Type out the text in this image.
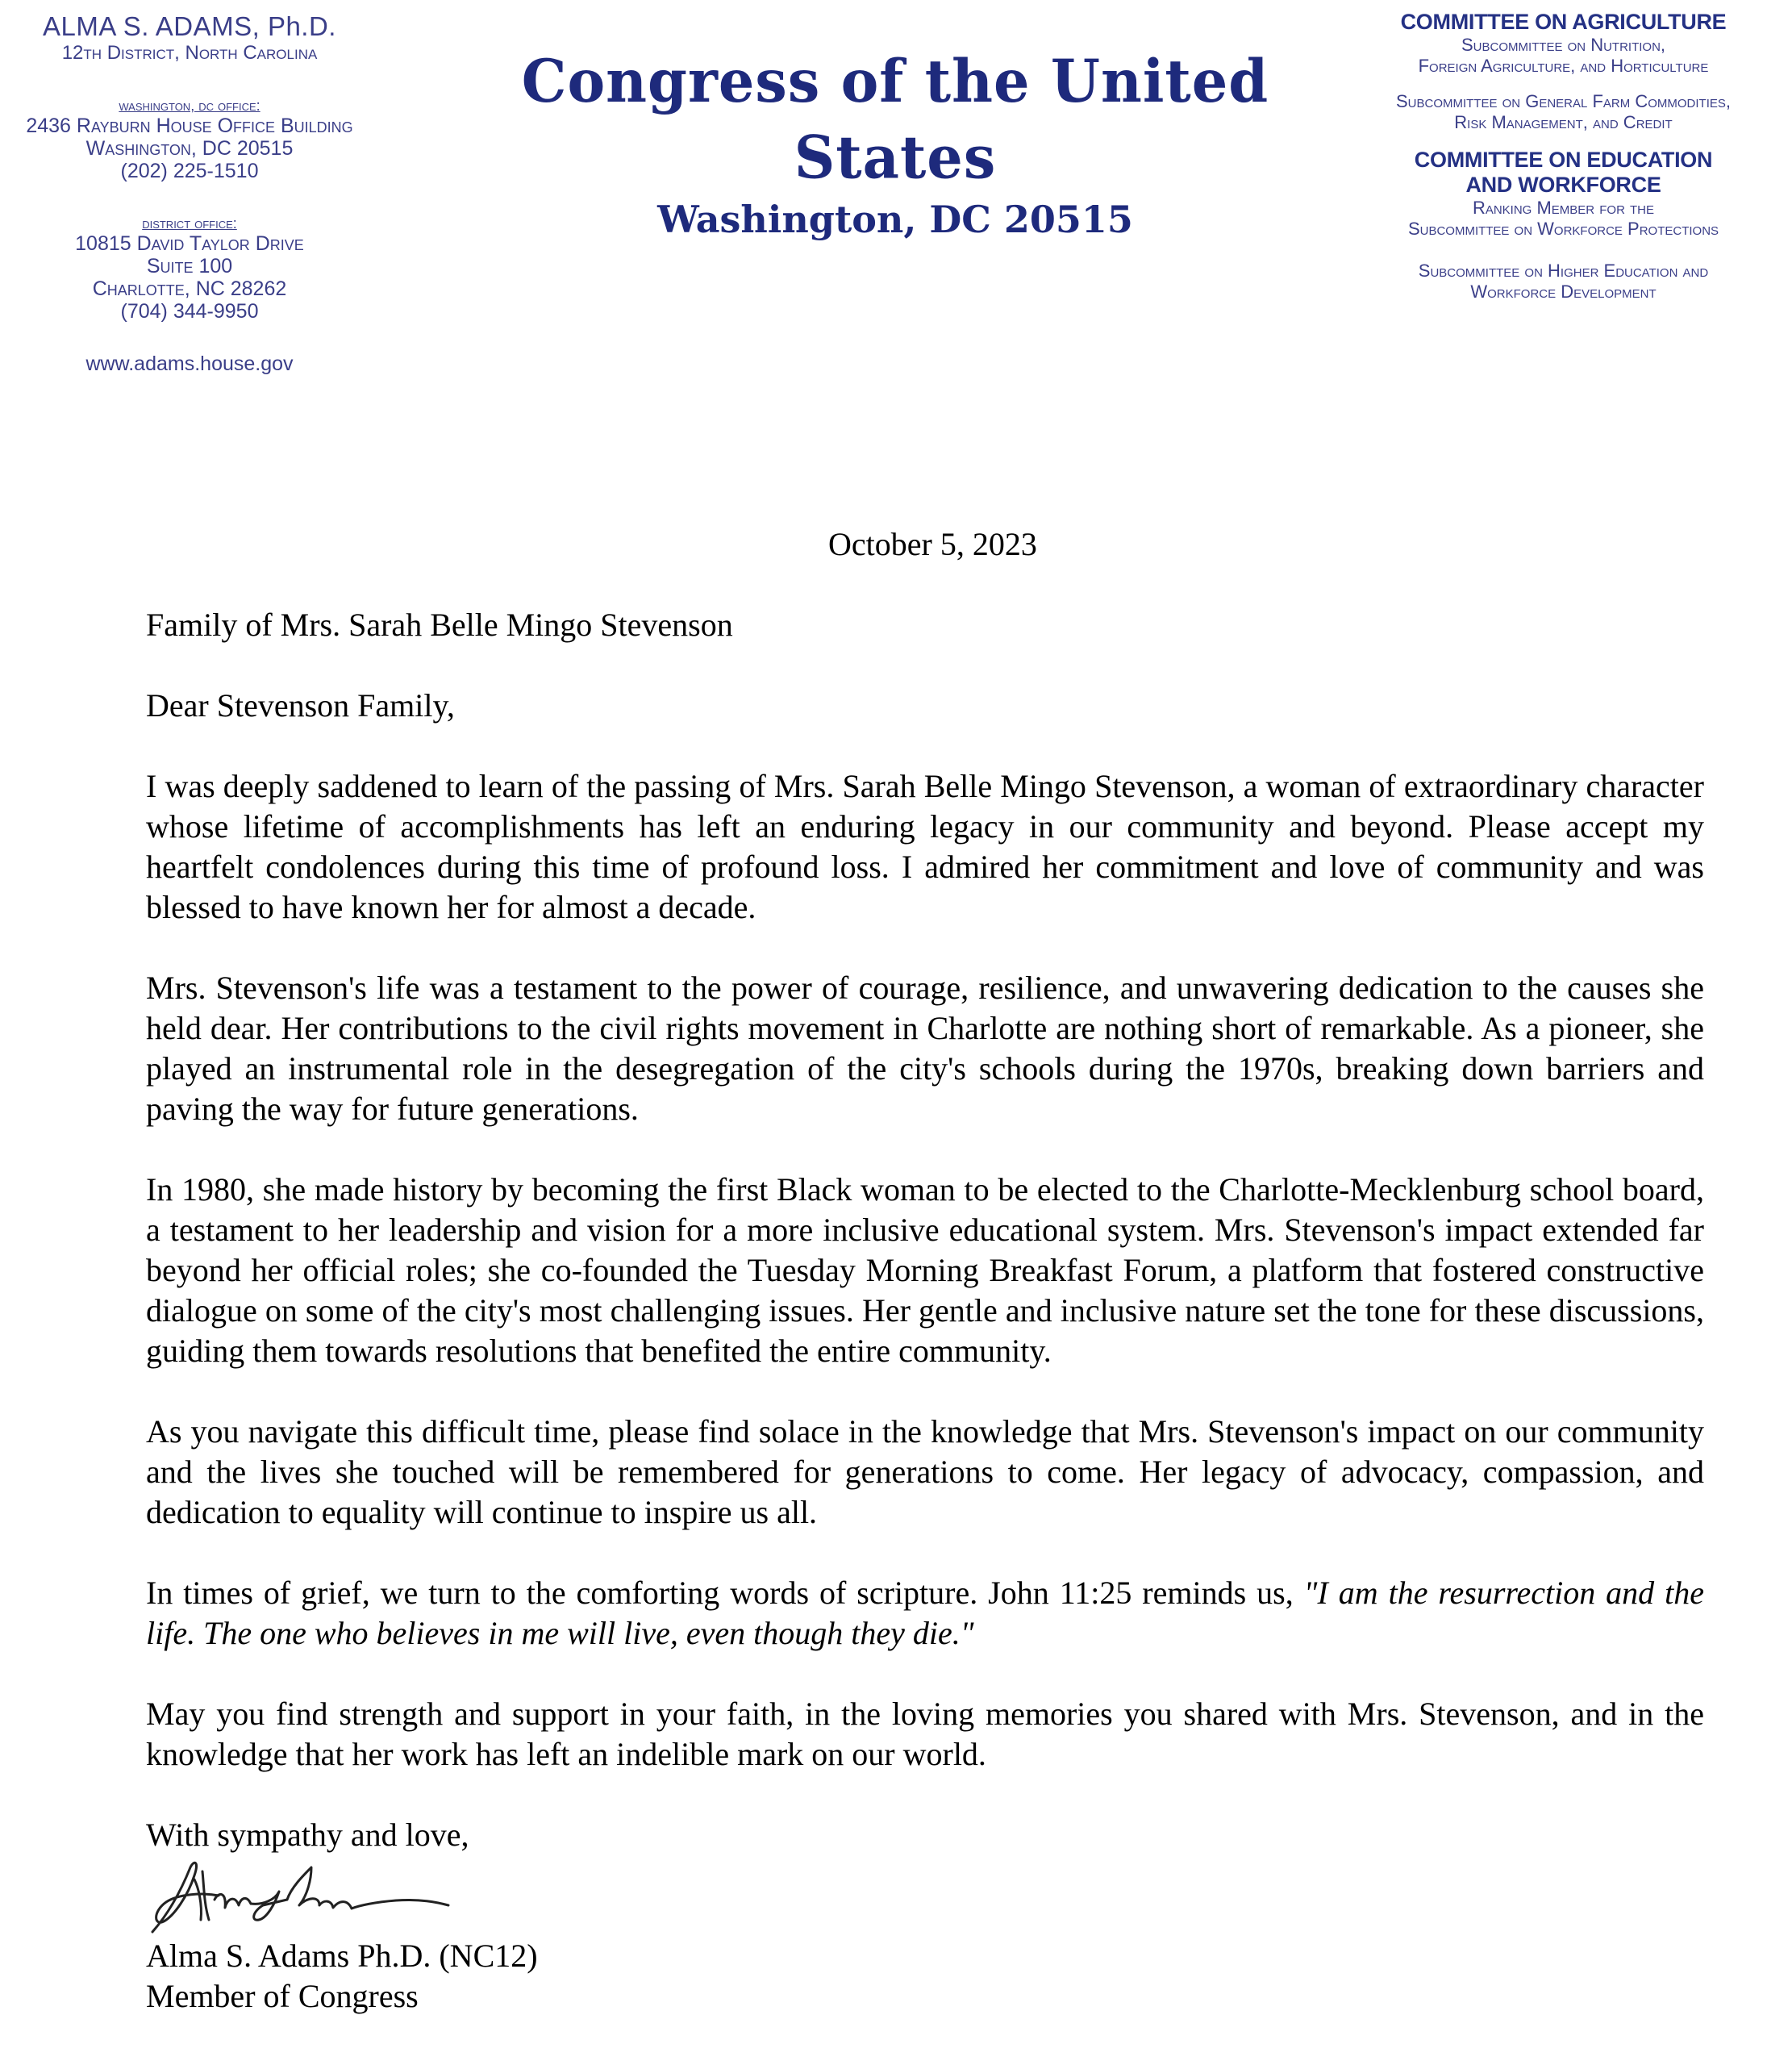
ALMA S. ADAMS, Ph.D.
12th District, North Carolina
washington, dc office:
2436 Rayburn House Office Building
Washington, DC 20515
(202) 225-1510
district office:
10815 David Taylor Drive
Suite 100
Charlotte, NC 28262
(704) 344-9950
www.adams.house.gov
Congress of the United States
Washington, DC 20515
COMMITTEE ON AGRICULTURE
Subcommittee on Nutrition,
Foreign Agriculture, and Horticulture
Subcommittee on General Farm Commodities,
Risk Management, and Credit
COMMITTEE ON EDUCATION
AND WORKFORCE
Ranking Member for the
Subcommittee on Workforce Protections
Subcommittee on Higher Education and
Workforce Development
October 5, 2023
Family of Mrs. Sarah Belle Mingo Stevenson
Dear Stevenson Family,
I was deeply saddened to learn of the passing of Mrs. Sarah Belle Mingo Stevenson, a woman of extraordinary character whose lifetime of accomplishments has left an enduring legacy in our community and beyond. Please accept my heartfelt condolences during this time of profound loss. I admired her commitment and love of community and was blessed to have known her for almost a decade.
Mrs. Stevenson's life was a testament to the power of courage, resilience, and unwavering dedication to the causes she held dear. Her contributions to the civil rights movement in Charlotte are nothing short of remarkable. As a pioneer, she played an instrumental role in the desegregation of the city's schools during the 1970s, breaking down barriers and paving the way for future generations.
In 1980, she made history by becoming the first Black woman to be elected to the Charlotte-Mecklenburg school board, a testament to her leadership and vision for a more inclusive educational system. Mrs. Stevenson's impact extended far beyond her official roles; she co-founded the Tuesday Morning Breakfast Forum, a platform that fostered constructive dialogue on some of the city's most challenging issues. Her gentle and inclusive nature set the tone for these discussions, guiding them towards resolutions that benefited the entire community.
As you navigate this difficult time, please find solace in the knowledge that Mrs. Stevenson's impact on our community and the lives she touched will be remembered for generations to come. Her legacy of advocacy, compassion, and dedication to equality will continue to inspire us all.
In times of grief, we turn to the comforting words of scripture. John 11:25 reminds us, "I am the resurrection and the life. The one who believes in me will live, even though they die."
May you find strength and support in your faith, in the loving memories you shared with Mrs. Stevenson, and in the knowledge that her work has left an indelible mark on our world.
With sympathy and love,
Alma S. Adams Ph.D. (NC12)
Member of Congress
